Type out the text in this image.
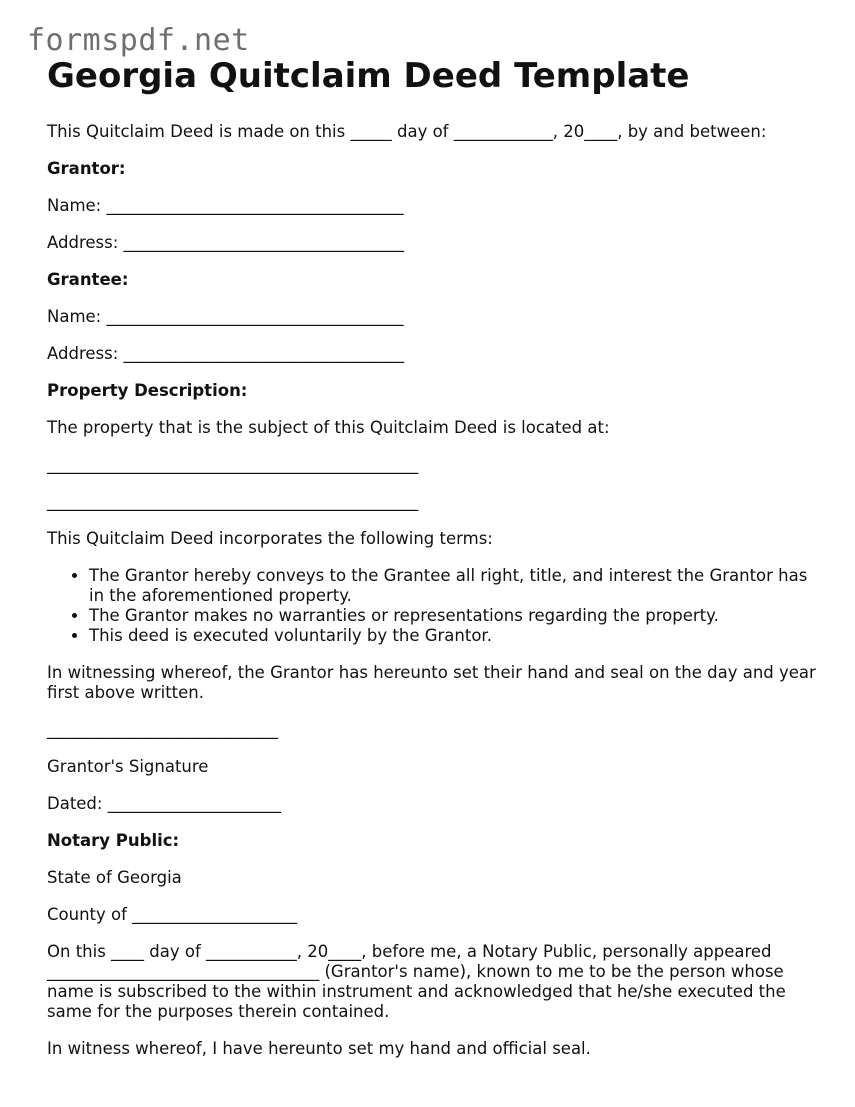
formspdf.net
Georgia Quitclaim Deed Template

This Quitclaim Deed is made on this _____ day of ____________, 20____, by and between:

Grantor:

Name: ____________________________________

Address: __________________________________

Grantee:

Name: ____________________________________

Address: __________________________________

Property Description:

The property that is the subject of this Quitclaim Deed is located at:

_____________________________________________

_____________________________________________

This Quitclaim Deed incorporates the following terms:

• The Grantor hereby conveys to the Grantee all right, title, and interest the Grantor has in the aforementioned property.
• The Grantor makes no warranties or representations regarding the property.
• This deed is executed voluntarily by the Grantor.

In witnessing whereof, the Grantor has hereunto set their hand and seal on the day and year first above written.

____________________________

Grantor's Signature

Dated: _____________________

Notary Public:

State of Georgia

County of ____________________

On this ____ day of ___________, 20____, before me, a Notary Public, personally appeared _________________________________ (Grantor's name), known to me to be the person whose name is subscribed to the within instrument and acknowledged that he/she executed the same for the purposes therein contained.

In witness whereof, I have hereunto set my hand and official seal.
